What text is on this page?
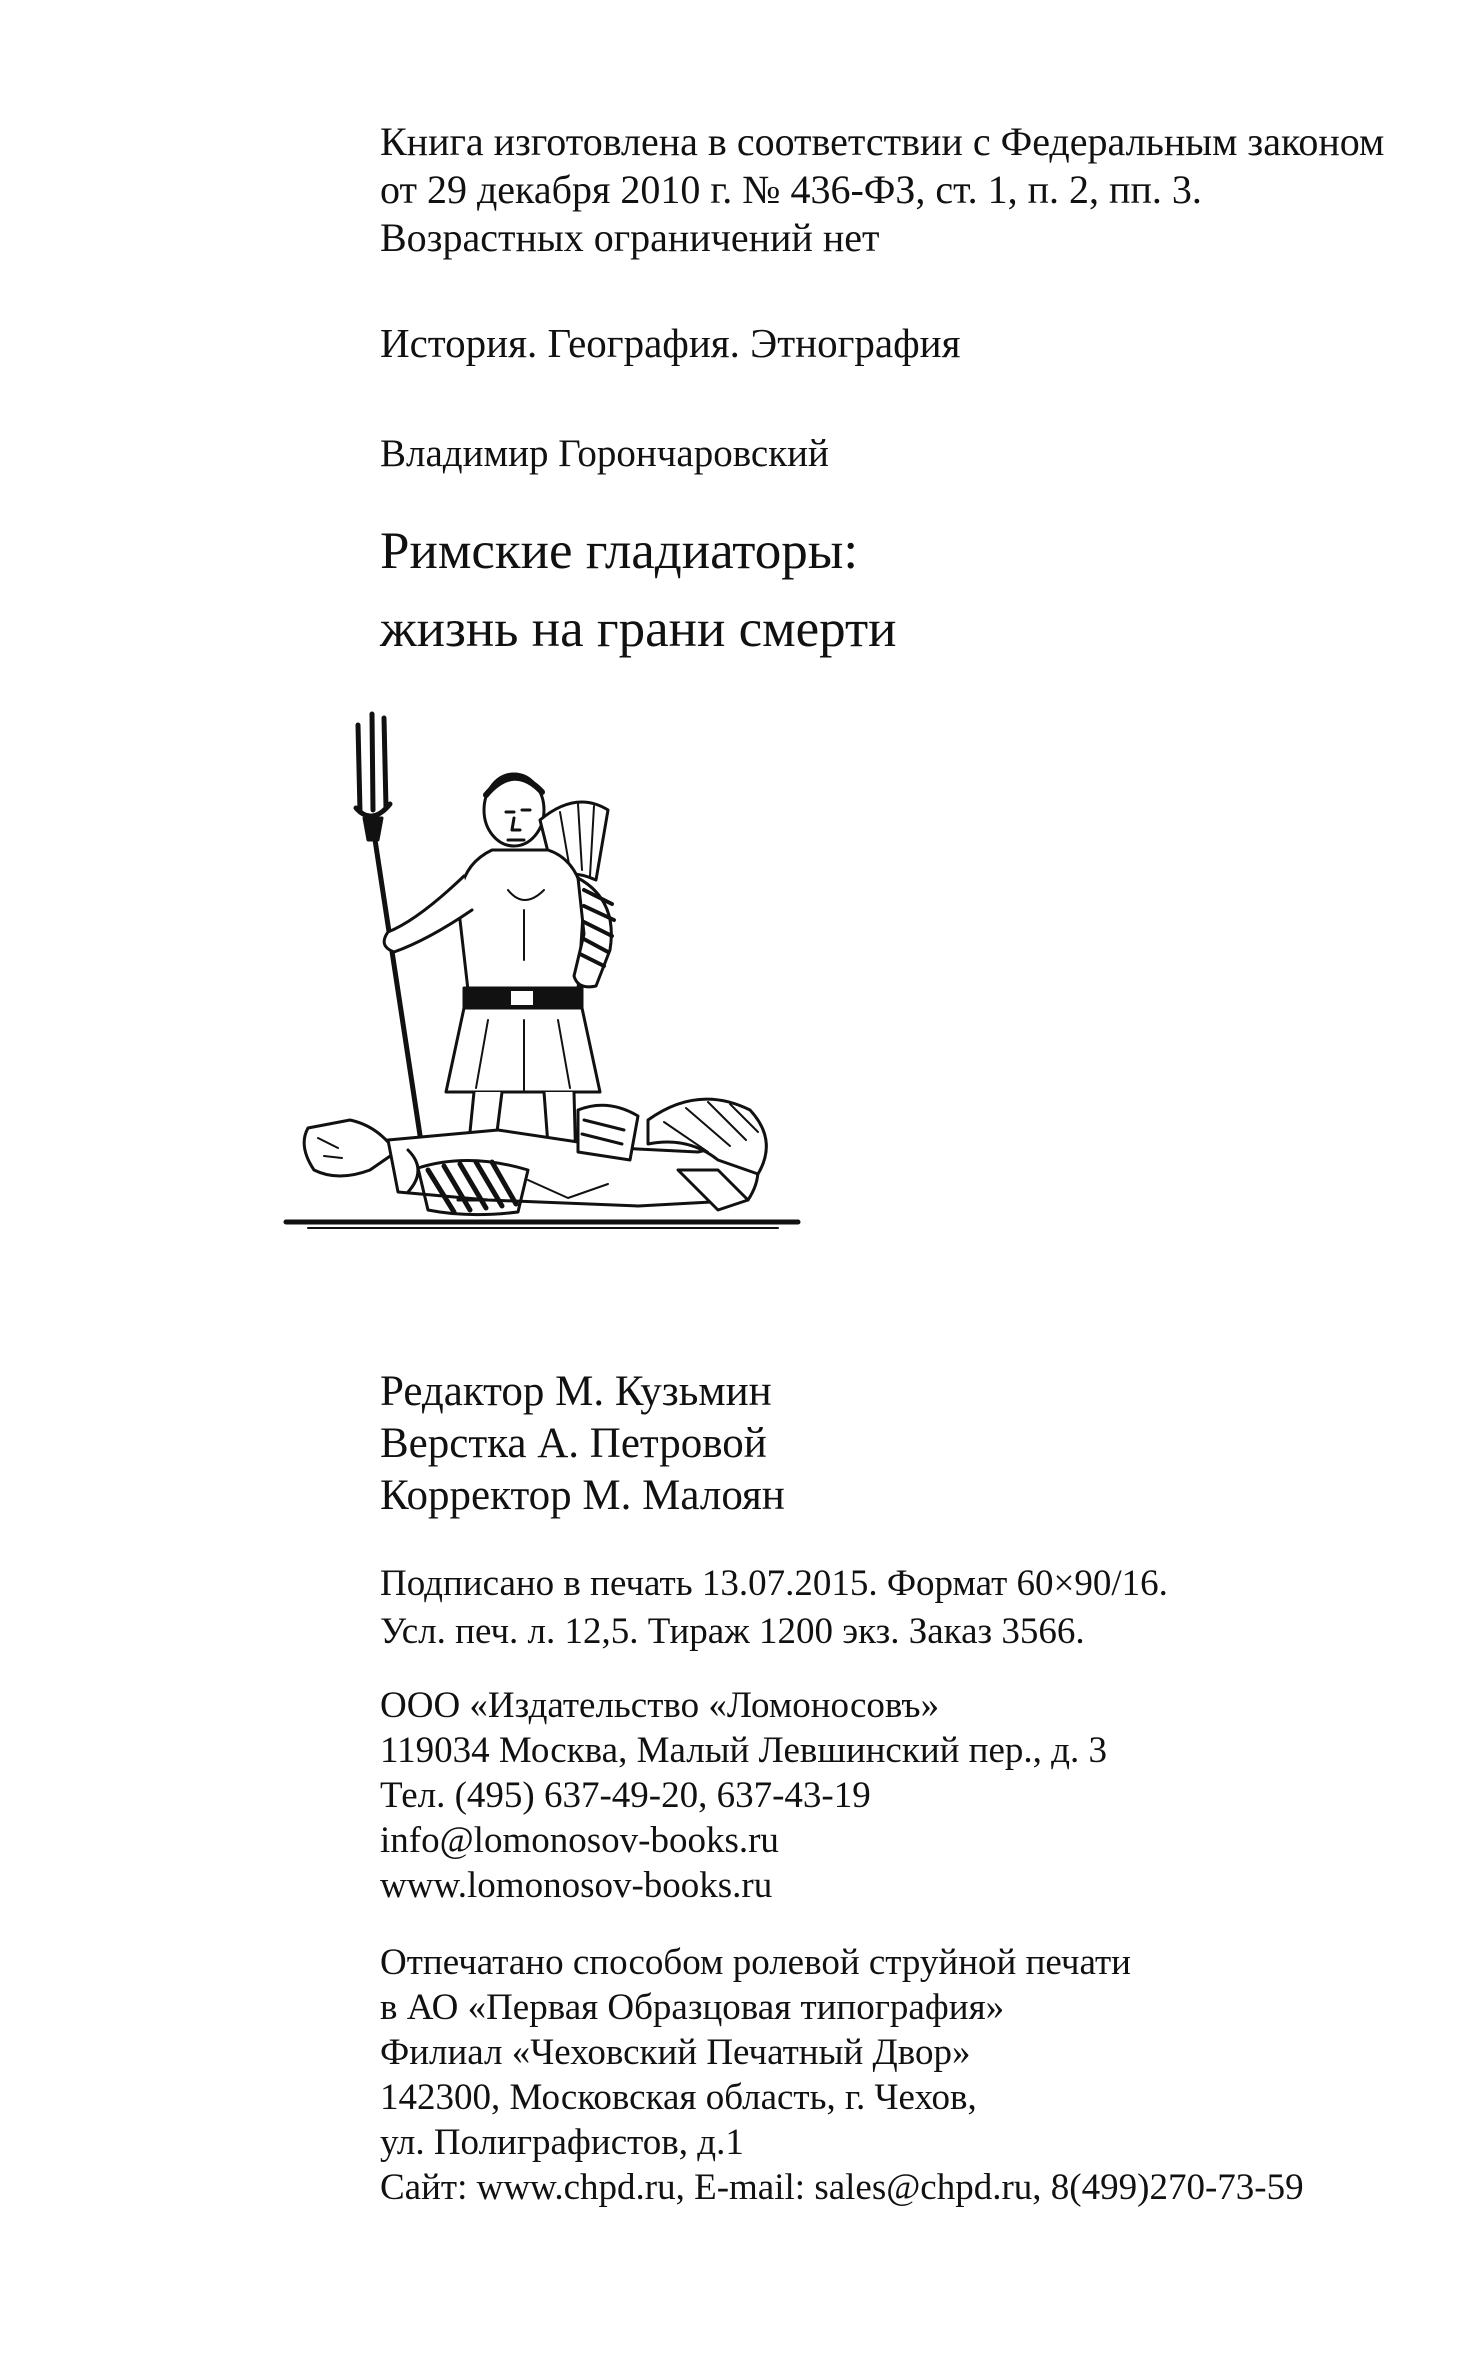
Книга изготовлена в соответствии с Федеральным законом
от 29 декабря 2010 г. № 436-ФЗ, ст. 1, п. 2, пп. 3.
Возрастных ограничений нет
История. География. Этнография
Владимир Горончаровский
Римские гладиаторы:
жизнь на грани смерти
Редактор М. Кузьмин
Верстка А. Петровой
Корректор М. Малоян
Подписано в печать 13.07.2015. Формат 60×90/16.
Усл. печ. л. 12,5. Тираж 1200 экз. Заказ 3566.
ООО «Издательство «Ломоносовъ»
119034 Москва, Малый Левшинский пер., д. 3
Тел. (495) 637-49-20, 637-43-19
info@lomonosov-books.ru
www.lomonosov-books.ru
Отпечатано способом ролевой струйной печати
в АО «Первая Образцовая типография»
Филиал «Чеховский Печатный Двор»
142300, Московская область, г. Чехов,
ул. Полиграфистов, д.1
Сайт: www.chpd.ru, E-mail: sales@chpd.ru, 8(499)270-73-59
